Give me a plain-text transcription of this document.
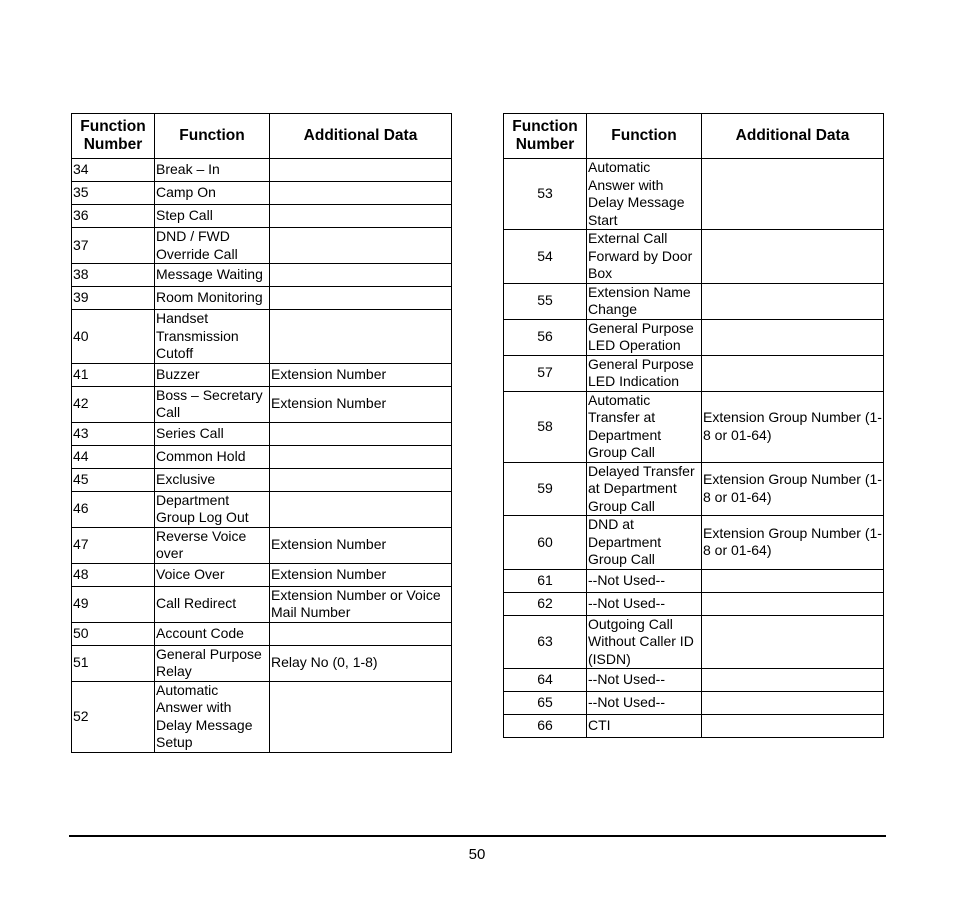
Function Number	Function	Additional Data
34	Break – In	
35	Camp On	
36	Step Call	
37	DND / FWD Override Call	
38	Message Waiting	
39	Room Monitoring	
40	Handset Transmission Cutoff	
41	Buzzer	Extension Number
42	Boss – Secretary Call	Extension Number
43	Series Call	
44	Common Hold	
45	Exclusive	
46	Department Group Log Out	
47	Reverse Voice over	Extension Number
48	Voice Over	Extension Number
49	Call Redirect	Extension Number or Voice Mail Number
50	Account Code	
51	General Purpose Relay	Relay No (0, 1-8)
52	Automatic Answer with Delay Message Setup	
Function Number	Function	Additional Data
53	Automatic Answer with Delay Message Start	
54	External Call Forward by Door Box	
55	Extension Name Change	
56	General Purpose LED Operation	
57	General Purpose LED Indication	
58	Automatic Transfer at Department Group Call	Extension Group Number (1-8 or 01-64)
59	Delayed Transfer at Department Group Call	Extension Group Number (1-8 or 01-64)
60	DND at Department Group Call	Extension Group Number (1-8 or 01-64)
61	--Not Used--	
62	--Not Used--	
63	Outgoing Call Without Caller ID (ISDN)	
64	--Not Used--	
65	--Not Used--	
66	CTI	
50
